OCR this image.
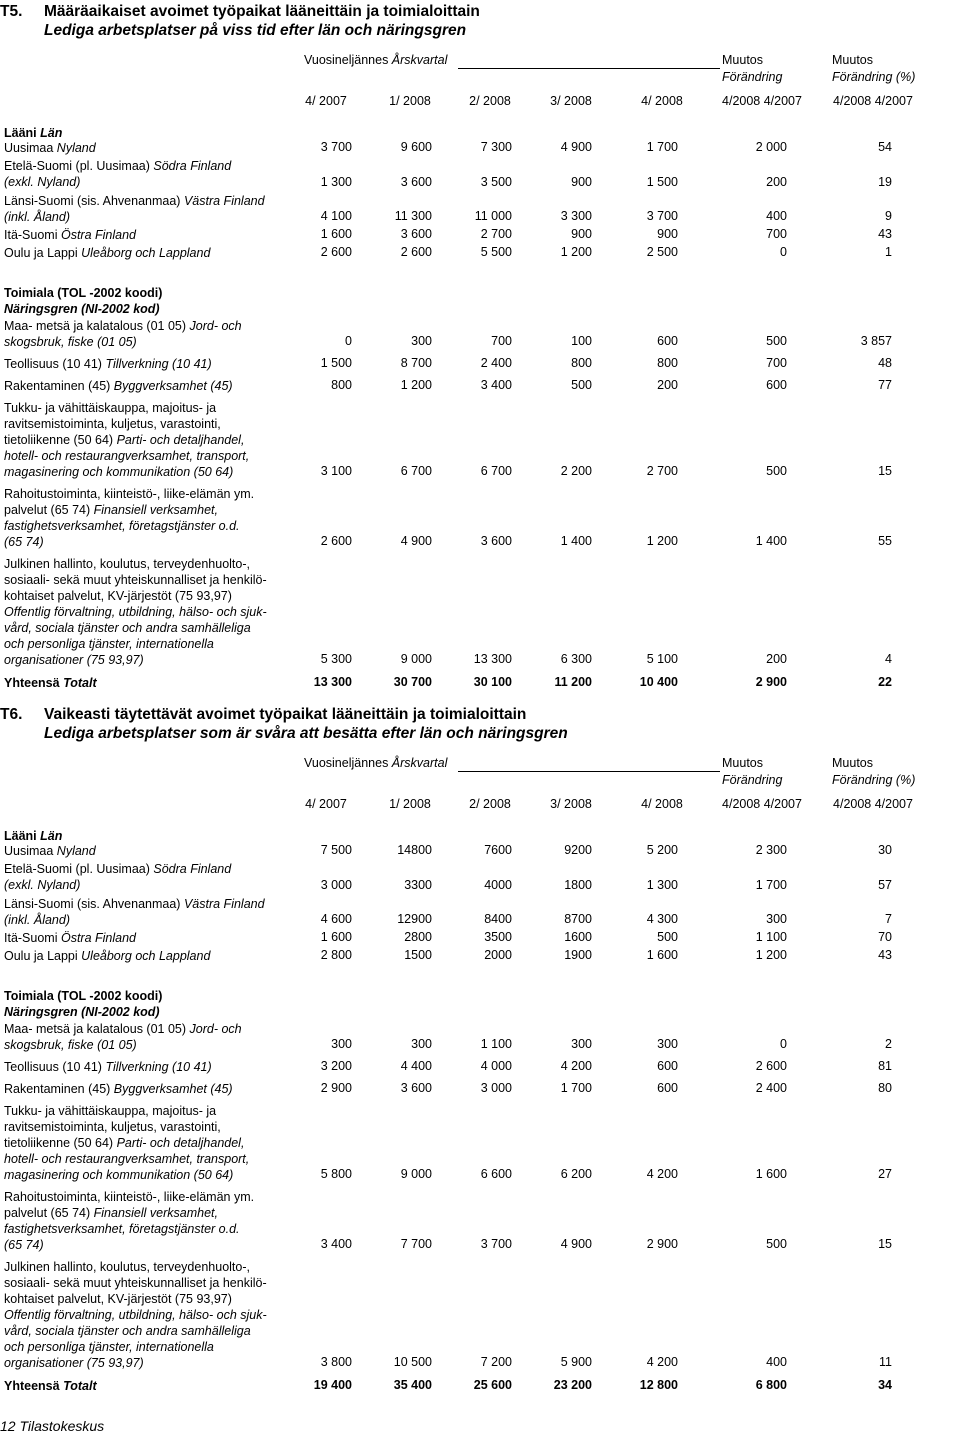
T5. Määräaikaiset avoimet työpaikat lääneittäin ja toimialoittain
Lediga arbetsplatser på viss tid efter län och näringsgren
Vuosineljännes Årskvartal	Muutos
Förändring
Muutos
Förändring (%)
4/ 2007	1/ 2008	2/ 2008	3/ 2008	4/ 2008	4/2008 4/2007	4/2008 4/2007
Lääni Län
Uusimaa Nyland	3 700	9 600	7 300	4 900	1 700	2 000	54
Etelä-Suomi (pl. Uusimaa) Södra Finland
(exkl. Nyland)	1 300	3 600	3 500	900	1 500	200	19
Länsi-Suomi (sis. Ahvenanmaa) Västra Finland
(inkl. Åland)	4 100	11 300	11 000	3 300	3 700	400	9
Itä-Suomi Östra Finland	1 600	3 600	2 700	900	900	700	43
Oulu ja Lappi Uleåborg och Lappland	2 600	2 600	5 500	1 200	2 500	0	1
Toimiala (TOL -2002 koodi)
Näringsgren (NI-2002 kod)
Maa- metsä ja kalatalous (01 05) Jord- och
skogsbruk, fiske (01 05)	0	300	700	100	600	500	3 857
Teollisuus (10 41) Tillverkning (10 41)	1 500	8 700	2 400	800	800	700	48
Rakentaminen (45) Byggverksamhet (45)	800	1 200	3 400	500	200	600	77
Tukku- ja vähittäiskauppa, majoitus- ja
ravitsemistoiminta, kuljetus, varastointi,
tietoliikenne (50 64) Parti- och detaljhandel,
hotell- och restaurangverksamhet, transport,
magasinering och kommunikation (50 64)	3 100	6 700	6 700	2 200	2 700	500	15
Rahoitustoiminta, kiinteistö-, liike-elämän ym.
palvelut (65 74) Finansiell verksamhet,
fastighetsverksamhet, företagstjänster o.d.
(65 74)	2 600	4 900	3 600	1 400	1 200	1 400	55
Julkinen hallinto, koulutus, terveydenhuolto-,
sosiaali- sekä muut yhteiskunnalliset ja henkilö-
kohtaiset palvelut, KV-järjestöt (75 93,97)
Offentlig förvaltning, utbildning, hälso- och sjuk-
vård, sociala tjänster och andra samhälleliga
och personliga tjänster, internationella
organisationer (75 93,97)	5 300	9 000	13 300	6 300	5 100	200	4
Yhteensä Totalt	13 300	30 700	30 100	11 200	10 400	2 900	22
T6. Vaikeasti täytettävät avoimet työpaikat lääneittäin ja toimialoittain
Lediga arbetsplatser som är svåra att besätta efter län och näringsgren
Vuosineljännes Årskvartal	Muutos
Förändring
Muutos
Förändring (%)
4/ 2007	1/ 2008	2/ 2008	3/ 2008	4/ 2008	4/2008 4/2007	4/2008 4/2007
Lääni Län
Uusimaa Nyland	7 500	14800	7600	9200	5 200	2 300	30
Etelä-Suomi (pl. Uusimaa) Södra Finland
(exkl. Nyland)	3 000	3300	4000	1800	1 300	1 700	57
Länsi-Suomi (sis. Ahvenanmaa) Västra Finland
(inkl. Åland)	4 600	12900	8400	8700	4 300	300	7
Itä-Suomi Östra Finland	1 600	2800	3500	1600	500	1 100	70
Oulu ja Lappi Uleåborg och Lappland	2 800	1500	2000	1900	1 600	1 200	43
Toimiala (TOL -2002 koodi)
Näringsgren (NI-2002 kod)
Maa- metsä ja kalatalous (01 05) Jord- och
skogsbruk, fiske (01 05)	300	300	1 100	300	300	0	2
Teollisuus (10 41) Tillverkning (10 41)	3 200	4 400	4 000	4 200	600	2 600	81
Rakentaminen (45) Byggverksamhet (45)	2 900	3 600	3 000	1 700	600	2 400	80
Tukku- ja vähittäiskauppa, majoitus- ja
ravitsemistoiminta, kuljetus, varastointi,
tietoliikenne (50 64) Parti- och detaljhandel,
hotell- och restaurangverksamhet, transport,
magasinering och kommunikation (50 64)	5 800	9 000	6 600	6 200	4 200	1 600	27
Rahoitustoiminta, kiinteistö-, liike-elämän ym.
palvelut (65 74) Finansiell verksamhet,
fastighetsverksamhet, företagstjänster o.d.
(65 74)	3 400	7 700	3 700	4 900	2 900	500	15
Julkinen hallinto, koulutus, terveydenhuolto-,
sosiaali- sekä muut yhteiskunnalliset ja henkilö-
kohtaiset palvelut, KV-järjestöt (75 93,97)
Offentlig förvaltning, utbildning, hälso- och sjuk-
vård, sociala tjänster och andra samhälleliga
och personliga tjänster, internationella
organisationer (75 93,97)	3 800	10 500	7 200	5 900	4 200	400	11
Yhteensä Totalt	19 400	35 400	25 600	23 200	12 800	6 800	34
12 Tilastokeskus
